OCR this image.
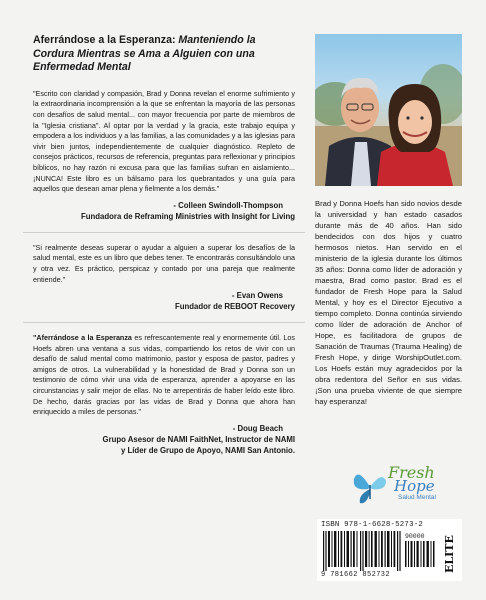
Aferrándose a la Esperanza: Manteniendo la Cordura Mientras se Ama a Alguien con una Enfermedad Mental

"Escrito con claridad y compasión, Brad y Donna revelan el enorme sufrimiento y la extraordinaria incomprensión a la que se enfrentan la mayoría de las personas con desafíos de salud mental... con mayor frecuencia por parte de miembros de la "Iglesia cristiana". Al optar por la verdad y la gracia, este trabajo equipa y empodera a los individuos y a las familias, a las comunidades y a las iglesias para vivir bien juntos, independientemente de cualquier diagnóstico. Repleto de consejos prácticos, recursos de referencia, preguntas para reflexionar y principios bíblicos, no hay razón ni excusa para que las familias sufran en aislamiento... ¡NUNCA! Este libro es un bálsamo para los quebrantados y una guía para aquellos que desean amar plena y fielmente a los demás."

- Colleen Swindoll-Thompson
Fundadora de Reframing Ministries with Insight for Living

"Si realmente deseas superar o ayudar a alguien a superar los desafíos de la salud mental, este es un libro que debes tener. Te encontrarás consultándolo una y otra vez. Es práctico, perspicaz y contado por una pareja que realmente entiende."

- Evan Owens
Fundador de REBOOT Recovery

"Aferrándose a la Esperanza es refrescantemente real y enormemente útil. Los Hoefs abren una ventana a sus vidas, compartiendo los retos de vivir con un desafío de salud mental como matrimonio, pastor y esposa de pastor, padres y amigos de otros. La vulnerabilidad y la honestidad de Brad y Donna son un testimonio de cómo vivir una vida de esperanza, aprender a apoyarse en las circunstancias y salir mejor de ellas. No te arrepentirás de haber leído este libro. De hecho, darás gracias por las vidas de Brad y Donna que ahora han enriquecido a miles de personas."

- Doug Beach
Grupo Asesor de NAMI FaithNet, Instructor de NAMI
y Líder de Grupo de Apoyo, NAMI San Antonio.
Brad y Donna Hoefs han sido novios desde la universidad y han estado casados durante más de 40 años. Han sido bendecidos con dos hijos y cuatro hermosos nietos. Han servido en el ministerio de la iglesia durante los últimos 35 años: Donna como líder de adoración y maestra, Brad como pastor. Brad es el fundador de Fresh Hope para la Salud Mental, y hoy es el Director Ejecutivo a tiempo completo. Donna continúa sirviendo como líder de adoración de Anchor of Hope, es facilitadora de grupos de Sanación de Traumas (Trauma Healing) de Fresh Hope, y dirige WorshipOutlet.com. Los Hoefs están muy agradecidos por la obra redentora del Señor en sus vidas. ¡Son una prueba viviente de que siempre hay esperanza!
Fresh
Hope
Salud Mental
ISBN 978-1-6628-5273-2
90000
9 781662 852732
ELITE
